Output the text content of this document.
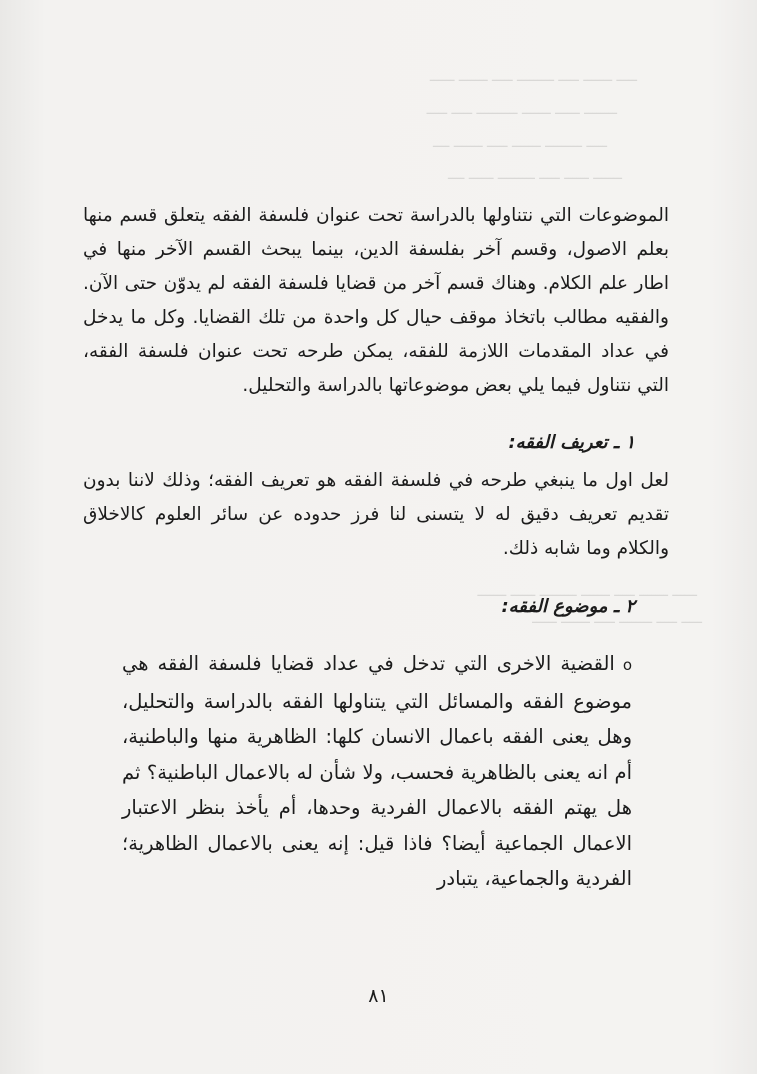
ـــــ ـــــــ ـــــ ـــــــــ ـــــ ـــــــ ــــــ
ــــــــ ــــــ ـــــــ ــــــــــ ـــــ ـــــ
ـــــ ـــــــــ ـــــــ ـــــ ـــــــ ــــ
ـــــــ ــــــ ـــــ ـــــــــ ــــــ ــــ
ــــــ ـــــــ ـــــ ـــــــ ـــــــــ ــــــ ـــــــ
ـــــ ـــــ ــــــــ ـــــ ـــــــ ــــــ

الموضوعات التي نتناولها بالدراسة تحت عنوان فلسفة الفقه يتعلق قسم منها بعلم الاصول، وقسم آخر بفلسفة الدين، بينما يبحث القسم الآخر منها في اطار علم الكلام. وهناك قسم آخر من قضايا فلسفة الفقه لم يدوّن حتى الآن. والفقيه مطالب باتخاذ موقف حيال كل واحدة من تلك القضايا. وكل ما يدخل في عداد المقدمات اللازمة للفقه، يمكن طرحه تحت عنوان فلسفة الفقه، التي نتناول فيما يلي بعض موضوعاتها بالدراسة والتحليل.

١ ـ تعريف الفقه:

لعل اول ما ينبغي طرحه في فلسفة الفقه هو تعريف الفقه؛ وذلك لاننا بدون تقديم تعريف دقيق له لا يتسنى لنا فرز حدوده عن سائر العلوم كالاخلاق والكلام وما شابه ذلك.

٢ ـ موضوع الفقه:

oالقضية الاخرى التي تدخل في عداد قضايا فلسفة الفقه هي موضوع الفقه والمسائل التي يتناولها الفقه بالدراسة والتحليل، وهل يعنى الفقه باعمال الانسان كلها: الظاهرية منها والباطنية، أم انه يعنى بالظاهرية فحسب، ولا شأن له بالاعمال الباطنية؟ ثم هل يهتم الفقه بالاعمال الفردية وحدها، أم يأخذ بنظر الاعتبار الاعمال الجماعية أيضا؟ فاذا قيل: إنه يعنى بالاعمال الظاهرية؛ الفردية والجماعية، يتبادر

٨١
